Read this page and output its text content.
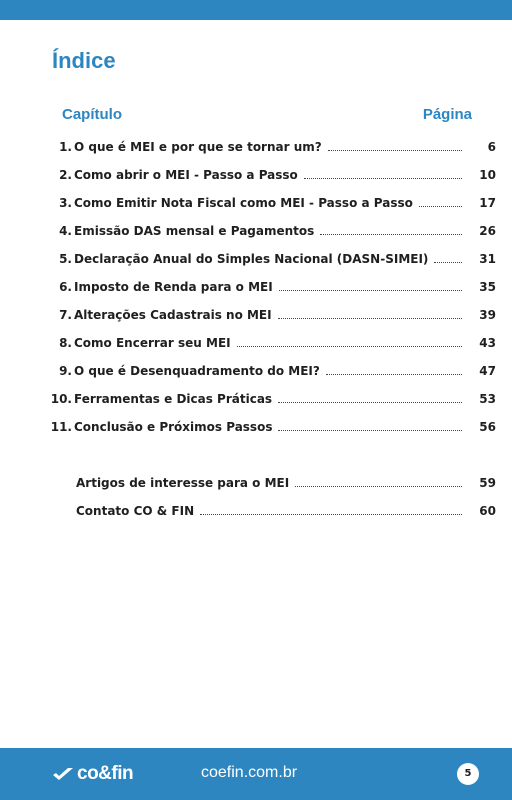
Índice
Capítulo	Página
1. O que é MEI e por que se tornar um?	6
2. Como abrir o MEI - Passo a Passo	10
3. Como Emitir Nota Fiscal como MEI - Passo a Passo	17
4. Emissão DAS mensal e Pagamentos	26
5. Declaração Anual do Simples Nacional (DASN-SIMEI)	31
6. Imposto de Renda para o MEI	35
7. Alterações Cadastrais no MEI	39
8. Como Encerrar seu MEI	43
9. O que é Desenquadramento do MEI?	47
10. Ferramentas e Dicas Práticas	53
11. Conclusão e Próximos Passos	56
Artigos de interesse para o MEI	59
Contato CO & FIN	60
co&fin	coefin.com.br	5
